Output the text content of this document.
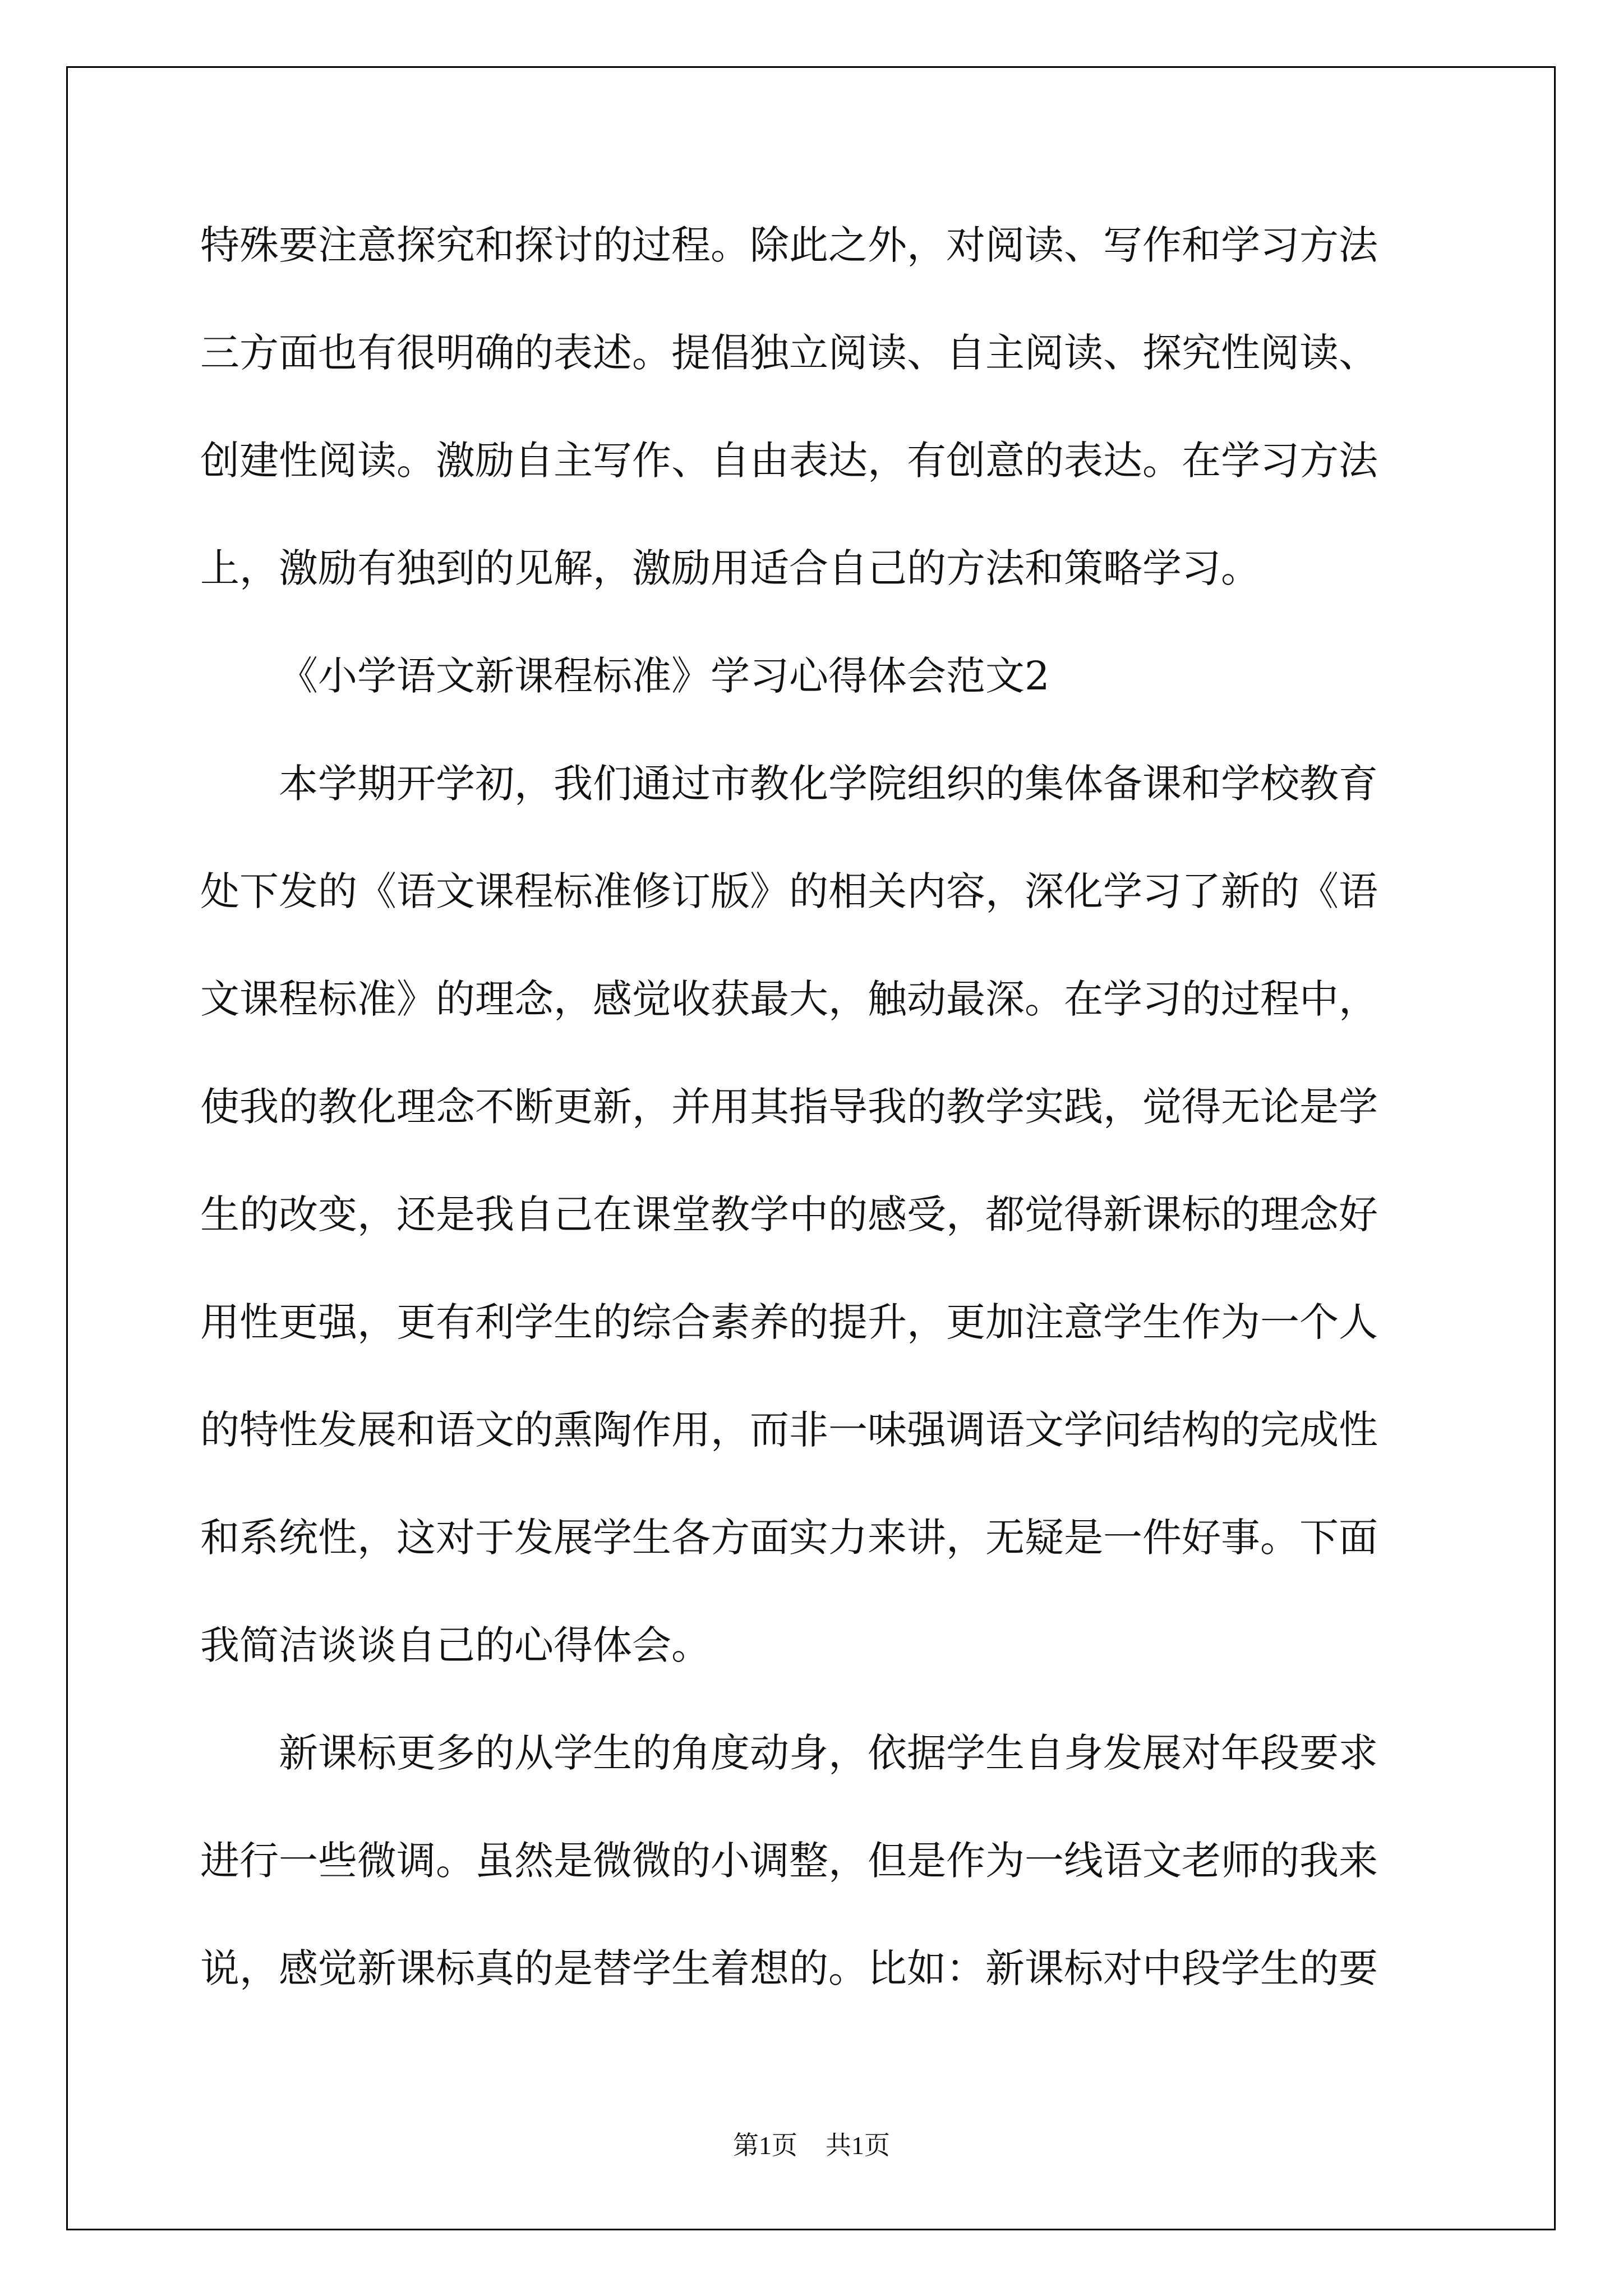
特殊要注意探究和探讨的过程。除此之外，对阅读、写作和学习方法
三方面也有很明确的表述。提倡独立阅读、自主阅读、探究性阅读、
创建性阅读。激励自主写作、自由表达，有创意的表达。在学习方法
上，激励有独到的见解，激励用适合自己的方法和策略学习。
《小学语文新课程标准》学习心得体会范文2
本学期开学初，我们通过市教化学院组织的集体备课和学校教育
处下发的《语文课程标准修订版》的相关内容，深化学习了新的《语
文课程标准》的理念，感觉收获最大，触动最深。在学习的过程中，
使我的教化理念不断更新，并用其指导我的教学实践，觉得无论是学
生的改变，还是我自己在课堂教学中的感受，都觉得新课标的理念好
用性更强，更有利学生的综合素养的提升，更加注意学生作为一个人
的特性发展和语文的熏陶作用，而非一味强调语文学问结构的完成性
和系统性，这对于发展学生各方面实力来讲，无疑是一件好事。下面
我简洁谈谈自己的心得体会。
新课标更多的从学生的角度动身，依据学生自身发展对年段要求
进行一些微调。虽然是微微的小调整，但是作为一线语文老师的我来
说，感觉新课标真的是替学生着想的。比如：新课标对中段学生的要
第1页 共1页
